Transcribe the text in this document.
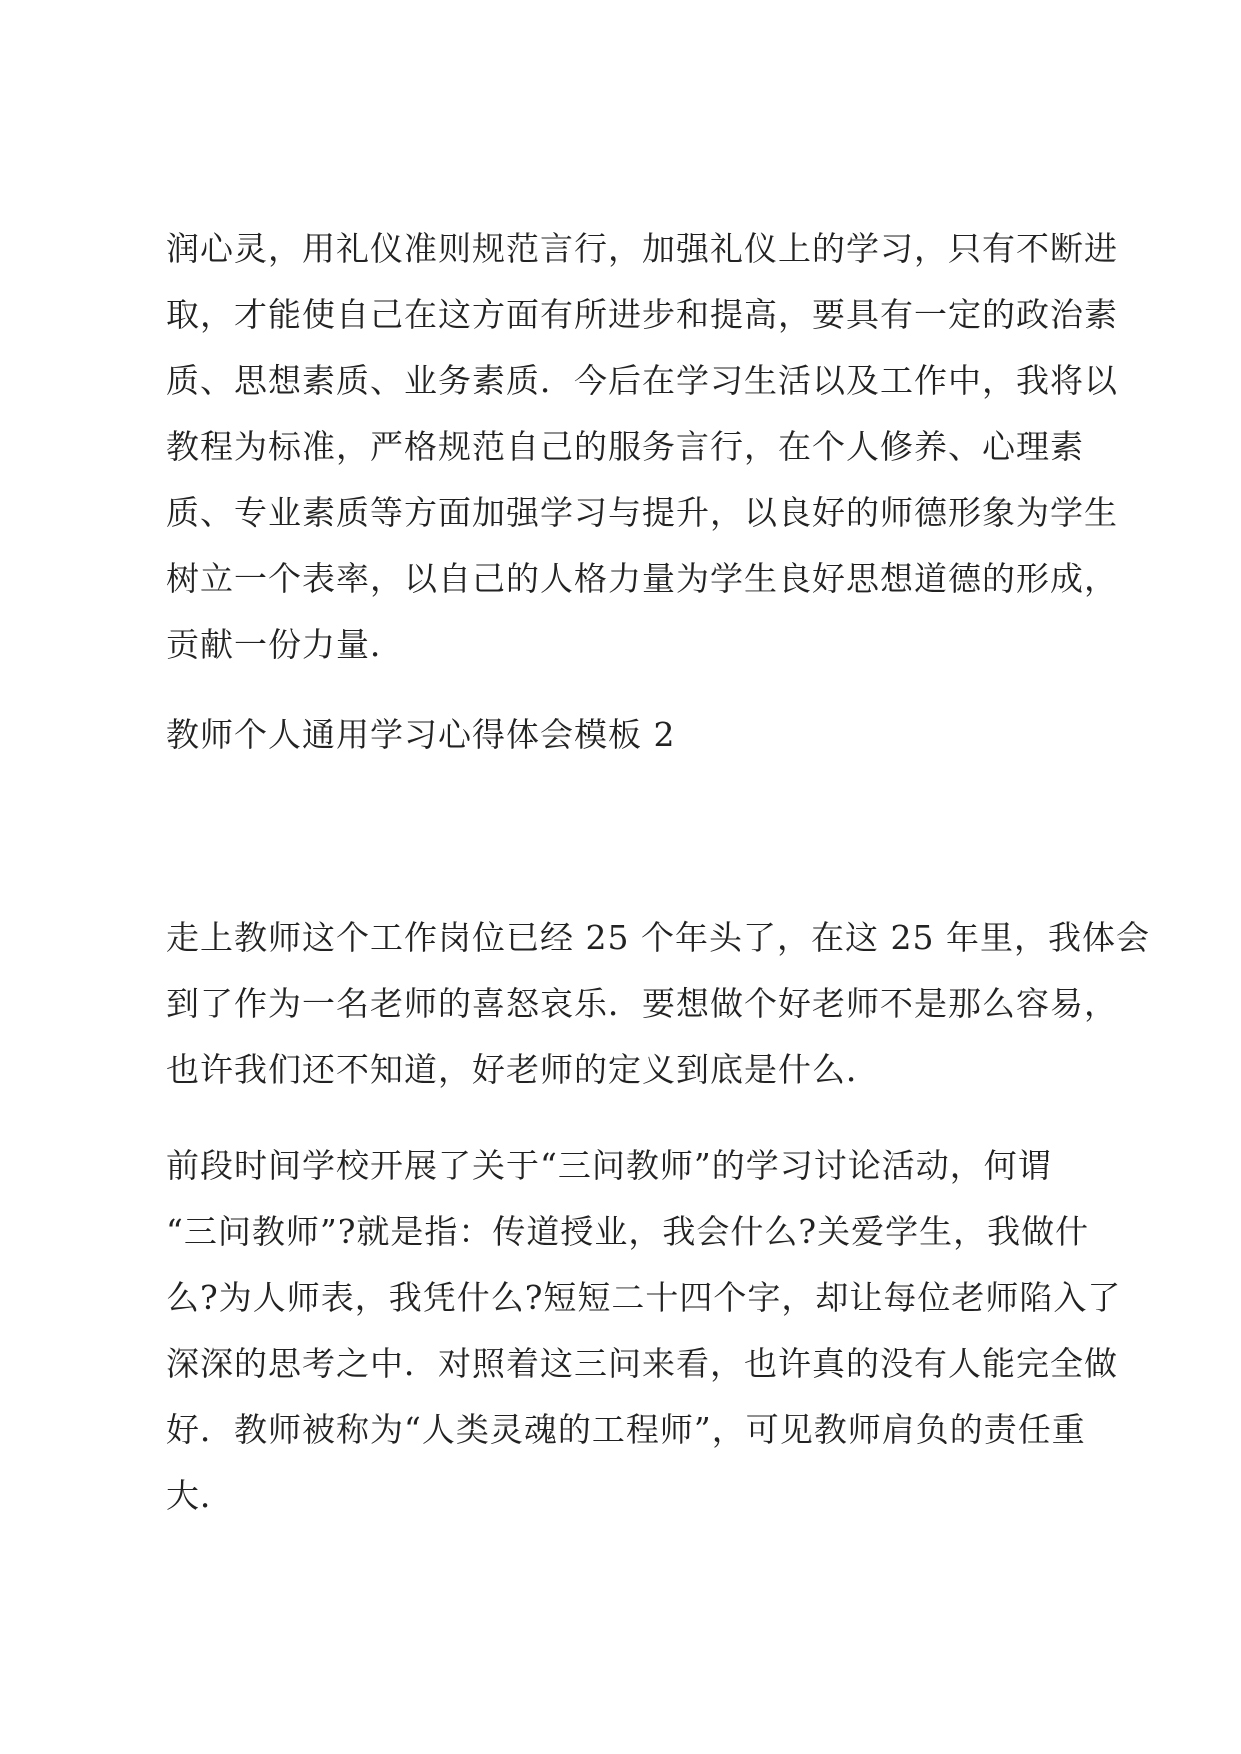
润心灵，用礼仪准则规范言行，加强礼仪上的学习，只有不断进
取，才能使自己在这方面有所进步和提高，要具有一定的政治素
质、思想素质、业务素质．今后在学习生活以及工作中，我将以
教程为标准，严格规范自己的服务言行，在个人修养、心理素
质、专业素质等方面加强学习与提升，以良好的师德形象为学生
树立一个表率，以自己的人格力量为学生良好思想道德的形成，
贡献一份力量．
教师个人通用学习心得体会模板 2
走上教师这个工作岗位已经 25 个年头了，在这 25 年里，我体会
到了作为一名老师的喜怒哀乐．要想做个好老师不是那么容易，
也许我们还不知道，好老师的定义到底是什么．
前段时间学校开展了关于“三问教师”的学习讨论活动，何谓
“三问教师”?就是指：传道授业，我会什么?关爱学生，我做什
么?为人师表，我凭什么?短短二十四个字，却让每位老师陷入了
深深的思考之中．对照着这三问来看，也许真的没有人能完全做
好．教师被称为“人类灵魂的工程师”，可见教师肩负的责任重
大．
